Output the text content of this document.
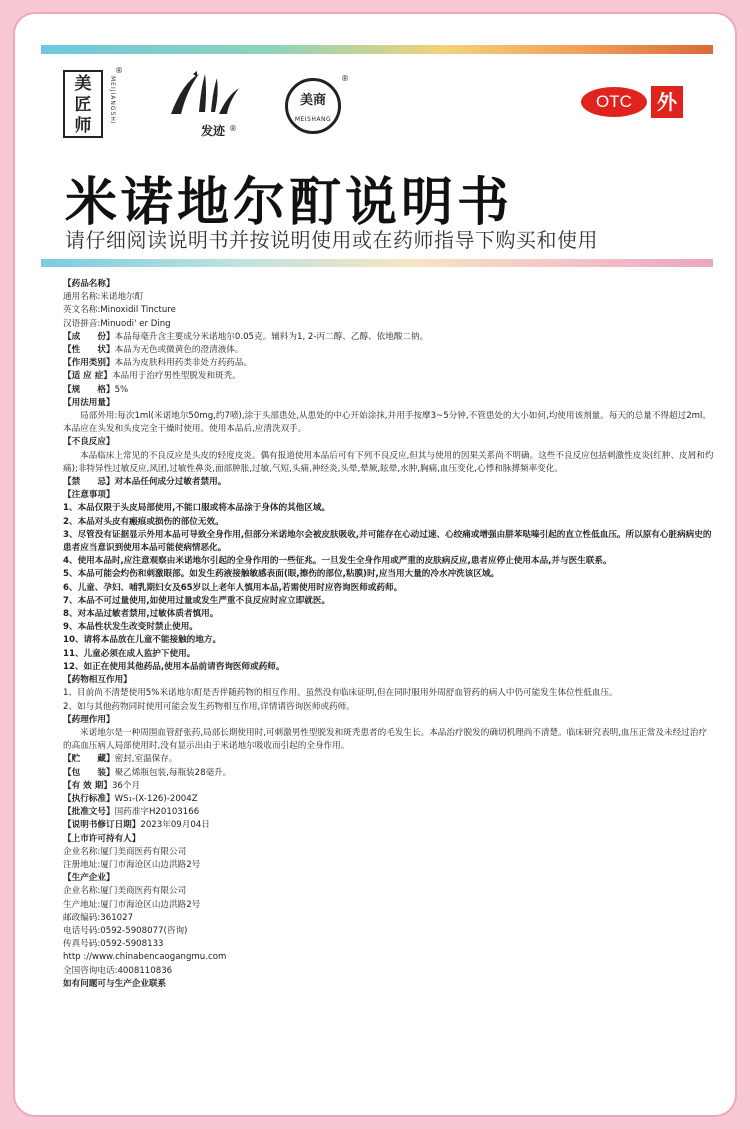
美
匠
师
MEIJIANGSHI
®
发迹 ®
美商
MEISHANG
®
OTC	外
米诺地尔酊说明书
请仔细阅读说明书并按说明使用或在药师指导下购买和使用

【药品名称】

通用名称:米诺地尔酊

英文名称:Minoxidil Tincture

汉语拼音:Minuodi' er Ding

【成　　份】本品每毫升含主要成分米诺地尔0.05克。辅料为1, 2-丙二醇、乙醇、依地酸二钠。

【性　　状】本品为无色或微黄色的澄清液体。

【作用类别】本品为皮肤科用药类非处方药药品。

【适 应 症】本品用于治疗男性型脱发和斑秃。

【规　　格】5%

【用法用量】

局部外用:每次1ml(米诺地尔50mg,约7喷),涂于头部患处,从患处的中心开始涂抹,并用手按摩3~5分钟,不管患处的大小如何,均使用该剂量。每天的总量不得超过2ml。本品应在头发和头皮完全干燥时使用。使用本品后,应清洗双手。

【不良反应】

本品临床上常见的不良反应是头皮的轻度皮炎。偶有报道使用本品后可有下列不良反应,但其与使用的因果关系尚不明确。这些不良反应包括刺激性皮炎(红肿、皮屑和灼痛);非特异性过敏反应,风团,过敏性鼻炎,面部肿胀,过敏,气短,头痛,神经炎,头晕,晕厥,眩晕,水肿,胸痛,血压变化,心悸和脉搏频率变化。

【禁　　忌】对本品任何成分过敏者禁用。

【注意事项】

1、本品仅限于头皮局部使用,不能口服或将本品涂于身体的其他区域。

2、本品对头皮有瘢痕或损伤的部位无效。

3、尽管没有证据显示外用本品可导致全身作用,但部分米诺地尔会被皮肤吸收,并可能存在心动过速、心绞痛或增强由肼苯哒嗪引起的直立性低血压。所以原有心脏病病史的患者应当意识到使用本品可能使病情恶化。

4、使用本品时,应注意观察由米诺地尔引起的全身作用的一些征兆。一旦发生全身作用或严重的皮肤病反应,患者应停止使用本品,并与医生联系。

5、本品可能会灼伤和刺激眼部。如发生药液接触敏感表面(眼,擦伤的部位,粘膜)时,应当用大量的冷水冲洗该区域。

6、儿童、孕妇、哺乳期妇女及65岁以上老年人慎用本品,若需使用时应咨询医师或药师。

7、本品不可过量使用,如使用过量或发生严重不良反应时应立即就医。

8、对本品过敏者禁用,过敏体质者慎用。

9、本品性状发生改变时禁止使用。

10、请将本品放在儿童不能接触的地方。

11、儿童必须在成人监护下使用。

12、如正在使用其他药品,使用本品前请咨询医师或药师。

【药物相互作用】

1、目前尚不清楚使用5%米诺地尔酊是否伴随药物的相互作用。虽然没有临床证明,但在同时服用外周舒血管药的病人中仍可能发生体位性低血压。

2、如与其他药物同时使用可能会发生药物相互作用,详情请咨询医师或药师。

【药理作用】

米诺地尔是一种周围血管舒张药,局部长期使用时,可刺激男性型脱发和斑秃患者的毛发生长。本品治疗脱发的确切机理尚不清楚。临床研究表明,血压正常及未经过治疗的高血压病人局部使用时,没有显示出由于米诺地尔吸收而引起的全身作用。

【贮　　藏】密封,室温保存。

【包　　装】聚乙烯瓶包装,每瓶装28毫升。

【有 效 期】36个月

【执行标准】WS₁-(X-126)-2004Z

【批准文号】国药准字H20103166

【说明书修订日期】2023年09月04日

【上市许可持有人】

企业名称:厦门美商医药有限公司

注册地址:厦门市海沧区山边洪路2号

【生产企业】

企业名称:厦门美商医药有限公司

生产地址:厦门市海沧区山边洪路2号

邮政编码:361027

电话号码:0592-5908077(咨询)

传真号码:0592-5908133

http ://www.chinabencaogangmu.com

全国咨询电话:4008110836

如有问题可与生产企业联系
